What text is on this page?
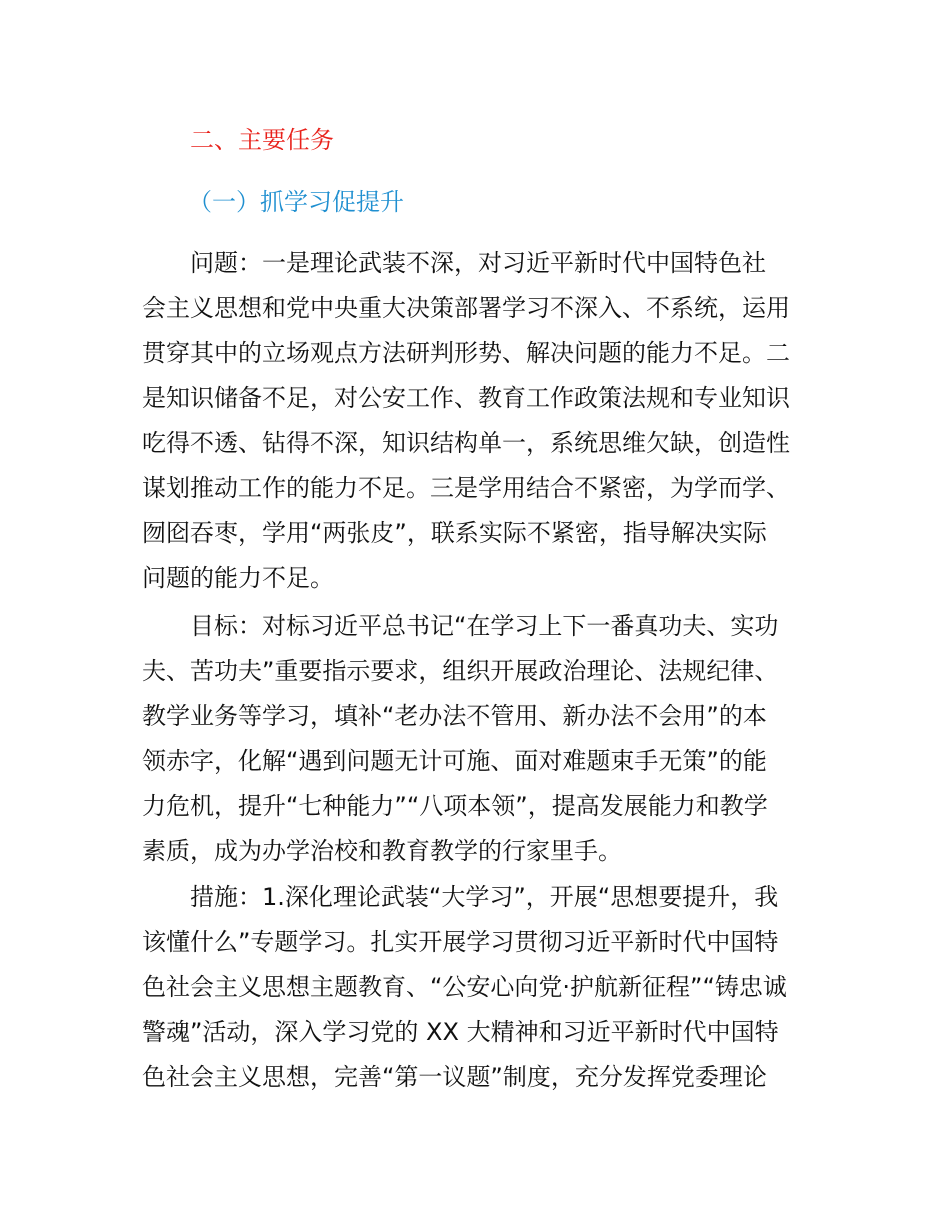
二、主要任务
（一）抓学习促提升
问题：一是理论武装不深，对习近平新时代中国特色社
会主义思想和党中央重大决策部署学习不深入、不系统，运用
贯穿其中的立场观点方法研判形势、解决问题的能力不足。二
是知识储备不足，对公安工作、教育工作政策法规和专业知识
吃得不透、钻得不深，知识结构单一，系统思维欠缺，创造性
谋划推动工作的能力不足。三是学用结合不紧密，为学而学、
囫囵吞枣，学用“两张皮”，联系实际不紧密，指导解决实际
问题的能力不足。
目标：对标习近平总书记“在学习上下一番真功夫、实功
夫、苦功夫”重要指示要求，组织开展政治理论、法规纪律、
教学业务等学习，填补“老办法不管用、新办法不会用”的本
领赤字，化解“遇到问题无计可施、面对难题束手无策”的能
力危机，提升“七种能力”“八项本领”，提高发展能力和教学
素质，成为办学治校和教育教学的行家里手。
措施：1.深化理论武装“大学习”，开展“思想要提升，我
该懂什么”专题学习。扎实开展学习贯彻习近平新时代中国特
色社会主义思想主题教育、“公安心向党·护航新征程”“铸忠诚
警魂”活动，深入学习党的 XX 大精神和习近平新时代中国特
色社会主义思想，完善“第一议题”制度，充分发挥党委理论
